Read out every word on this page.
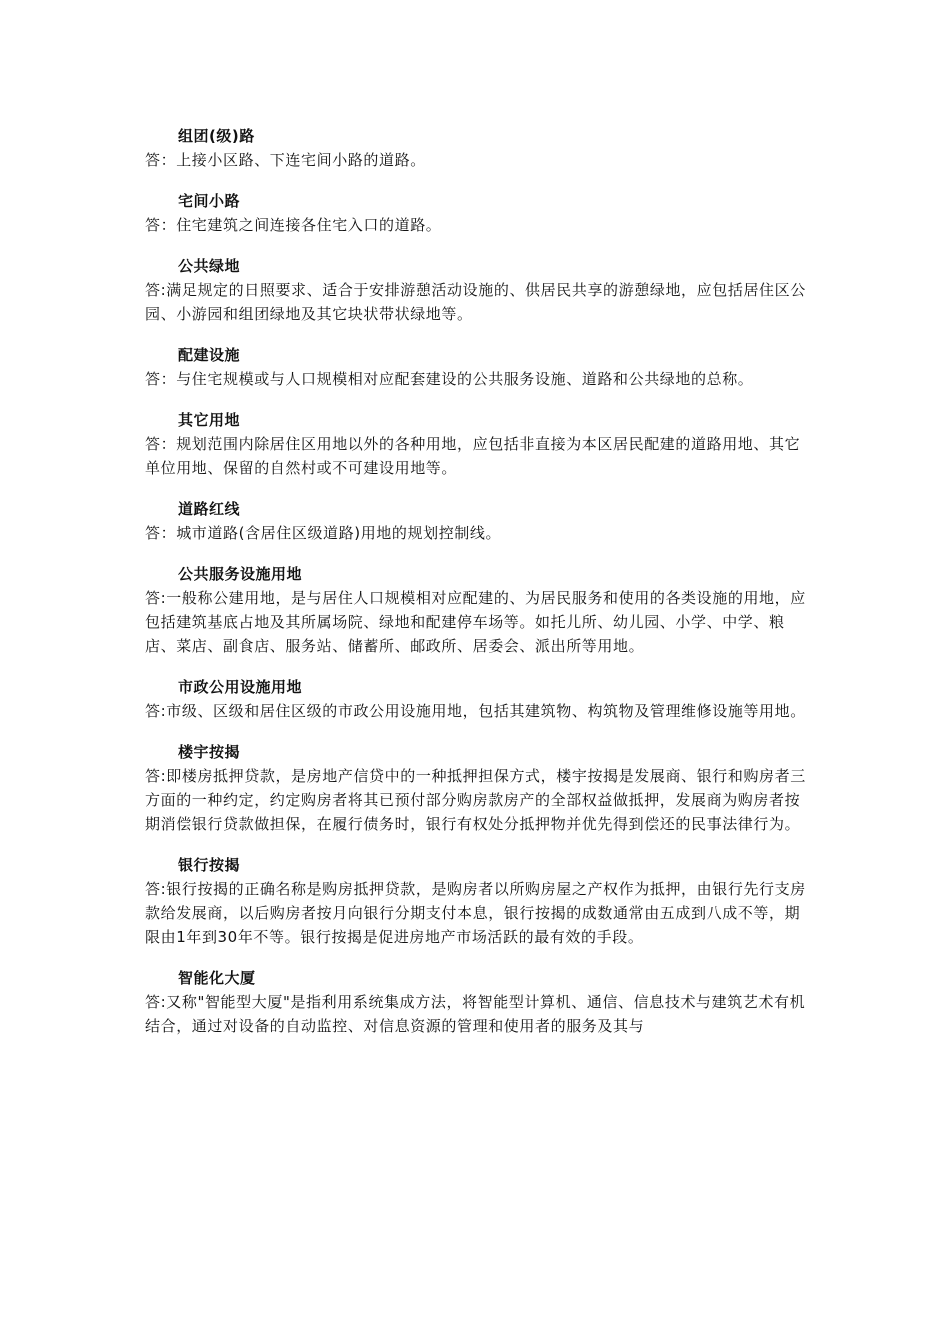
组团(级)路

答：上接小区路、下连宅间小路的道路。

宅间小路

答：住宅建筑之间连接各住宅入口的道路。

公共绿地

答:满足规定的日照要求、适合于安排游憩活动设施的、供居民共享的游憩绿地，应包括居住区公园、小游园和组团绿地及其它块状带状绿地等。

配建设施

答：与住宅规模或与人口规模相对应配套建设的公共服务设施、道路和公共绿地的总称。

其它用地

答：规划范围内除居住区用地以外的各种用地，应包括非直接为本区居民配建的道路用地、其它单位用地、保留的自然村或不可建设用地等。

道路红线

答：城市道路(含居住区级道路)用地的规划控制线。

公共服务设施用地

答:一般称公建用地，是与居住人口规模相对应配建的、为居民服务和使用的各类设施的用地，应包括建筑基底占地及其所属场院、绿地和配建停车场等。如托儿所、幼儿园、小学、中学、粮店、菜店、副食店、服务站、储蓄所、邮政所、居委会、派出所等用地。

市政公用设施用地

答:市级、区级和居住区级的市政公用设施用地，包括其建筑物、构筑物及管理维修设施等用地。

楼宇按揭

答:即楼房抵押贷款，是房地产信贷中的一种抵押担保方式，楼宇按揭是发展商、银行和购房者三方面的一种约定，约定购房者将其已预付部分购房款房产的全部权益做抵押，发展商为购房者按期消偿银行贷款做担保，在履行债务时，银行有权处分抵押物并优先得到偿还的民事法律行为。

银行按揭

答:银行按揭的正确名称是购房抵押贷款，是购房者以所购房屋之产权作为抵押，由银行先行支房款给发展商，以后购房者按月向银行分期支付本息，银行按揭的成数通常由五成到八成不等，期限由1年到30年不等。银行按揭是促进房地产市场活跃的最有效的手段。

智能化大厦

答:又称"智能型大厦"是指利用系统集成方法，将智能型计算机、通信、信息技术与建筑艺术有机结合，通过对设备的自动监控、对信息资源的管理和使用者的服务及其与
